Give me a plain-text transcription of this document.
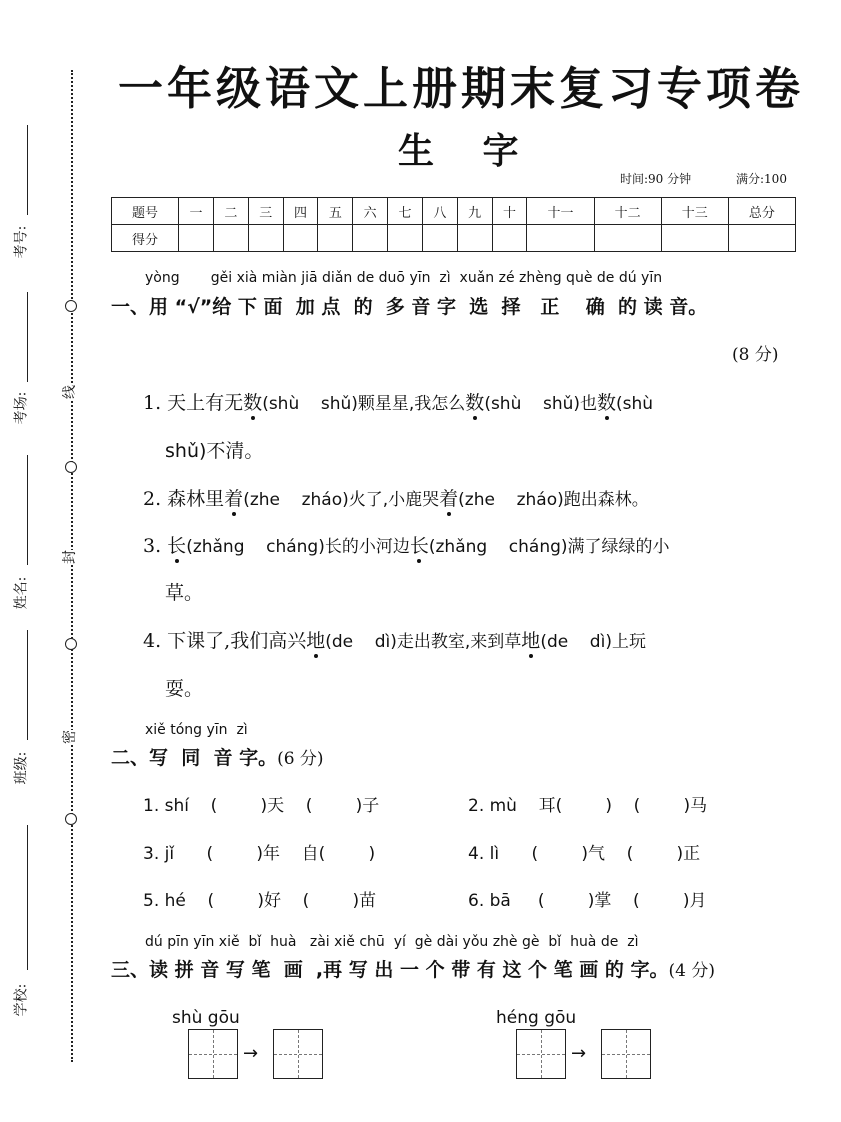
线
封
密
考号:
考场:
姓名:
班级:
学校:
一年级语文上册期末复习专项卷
生 字
时间:90 分钟	满分:100
题号	一	二	三	四	五	六	七	八	九	十	十一	十二	十三	总分
得分														
yòng       gěi xià miàn jiā diǎn de duō yīn  zì  xuǎn zé zhèng què de dú yīn
一、用 “√”给 下 面  加 点  的  多 音 字  选  择   正    确  的 读 音。
(8 分)
1. 天上有无数(shù    shǔ)颗星星,我怎么数(shù    shǔ)也数(shù
shǔ)不清。
2. 森林里着(zhe    zháo)火了,小鹿哭着(zhe    zháo)跑出森林。
3. 长(zhǎng    cháng)长的小河边长(zhǎng    cháng)满了绿绿的小
草。
4. 下课了,我们高兴地(de    dì)走出教室,来到草地(de    dì)上玩
耍。
xiě tóng yīn  zì
二、写  同  音 字。(6 分)
1. shí    (        )天    (        )子	2. mù    耳(        )    (        )马
3. jǐ      (        )年    自(        )	4. lì      (        )气    (        )正
5. hé    (        )好    (        )苗	6. bā     (        )掌    (        )月
dú pīn yīn xiě  bǐ  huà   zài xiě chū  yí  gè dài yǒu zhè gè  bǐ  huà de  zì
三、读 拼 音 写 笔  画  ,再 写 出 一 个 带 有 这 个 笔 画 的 字。(4 分)
shù gōu
→
héng gōu
→
